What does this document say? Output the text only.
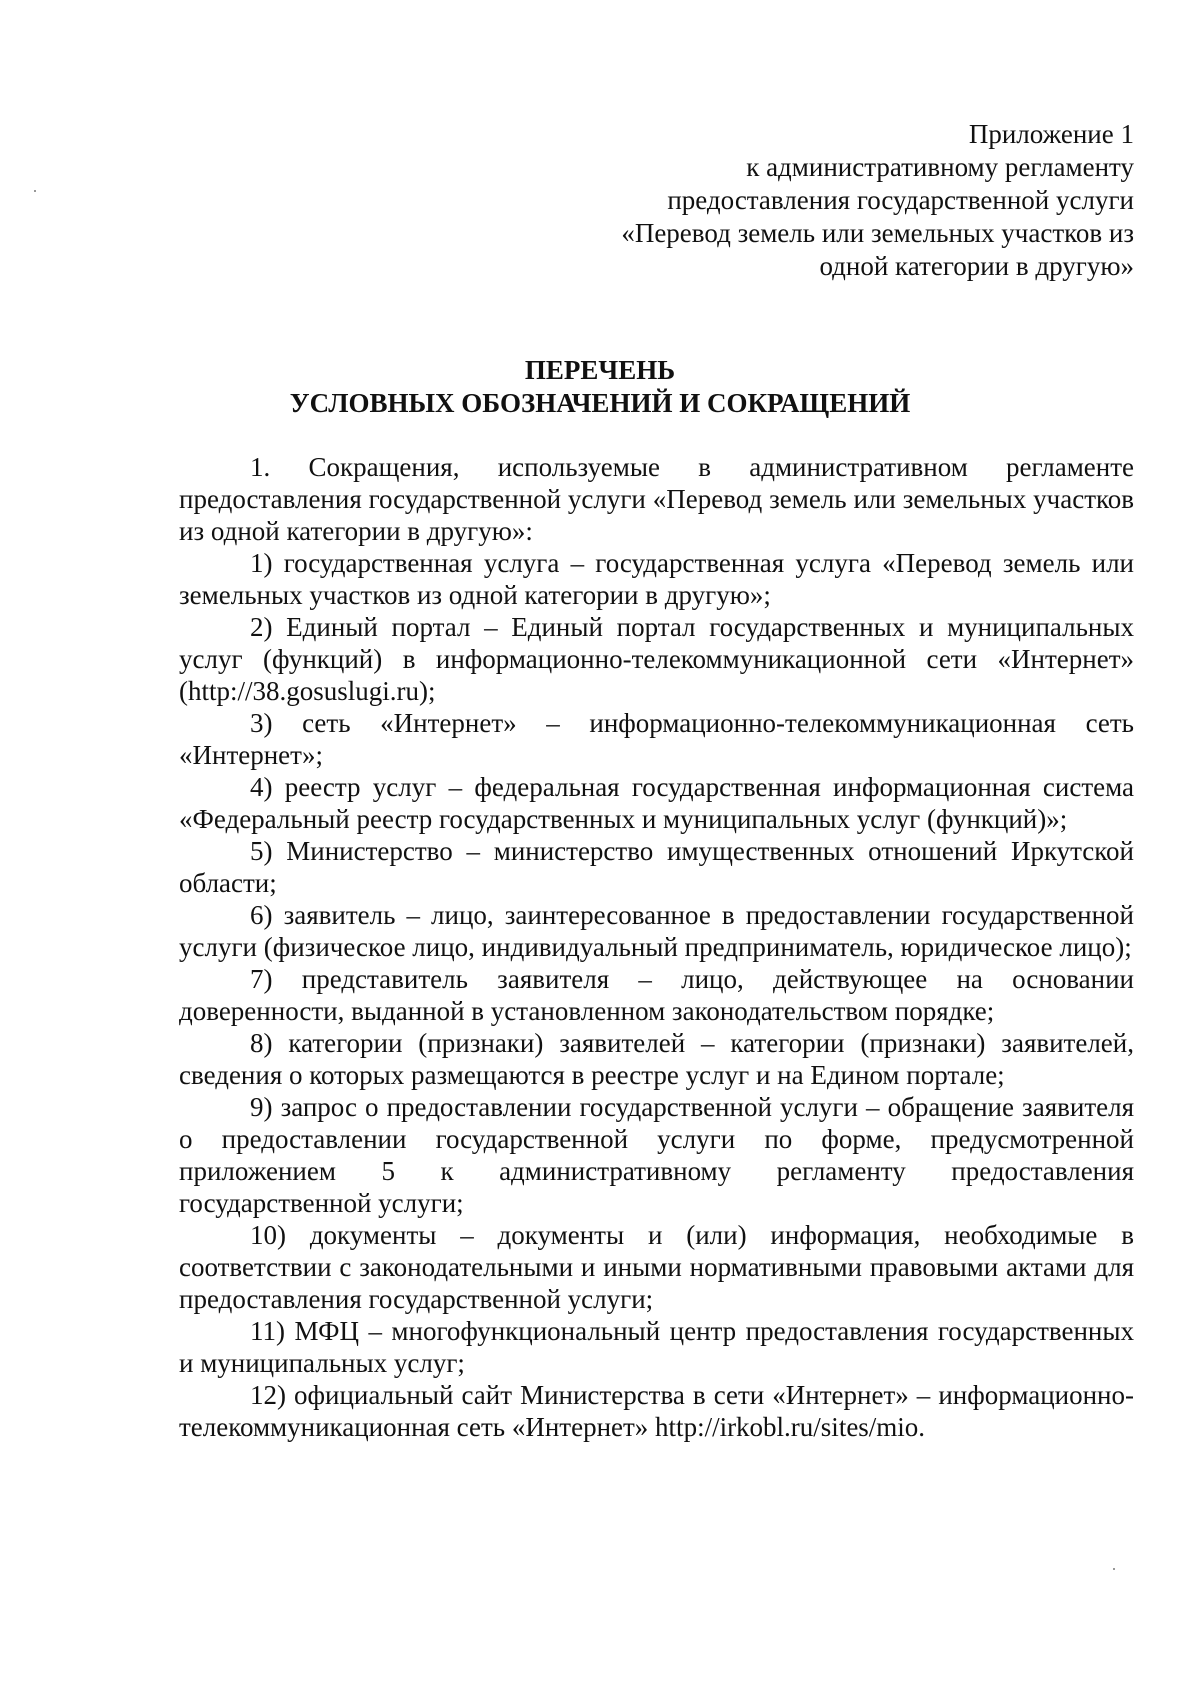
Приложение 1
к административному регламенту
предоставления государственной услуги
«Перевод земель или земельных участков из
одной категории в другую»
ПЕРЕЧЕНЬ
УСЛОВНЫХ ОБОЗНАЧЕНИЙ И СОКРАЩЕНИЙ

1. Сокращения, используемые в административном регламенте предоставления государственной услуги «Перевод земель или земельных участков из одной категории в другую»:

1) государственная услуга – государственная услуга «Перевод земель или земельных участков из одной категории в другую»;

2) Единый портал – Единый портал государственных и муниципальных услуг (функций) в информационно-телекоммуникационной сети «Интернет» (http://38.gosuslugi.ru);

3) сеть «Интернет» – информационно-телекоммуникационная сеть «Интернет»;

4) реестр услуг – федеральная государственная информационная система «Федеральный реестр государственных и муниципальных услуг (функций)»;

5) Министерство – министерство имущественных отношений Иркутской области;

6) заявитель – лицо, заинтересованное в предоставлении государственной услуги (физическое лицо, индивидуальный предприниматель, юридическое лицо);

7) представитель заявителя – лицо, действующее на основании доверенности, выданной в установленном законодательством порядке;

8) категории (признаки) заявителей – категории (признаки) заявителей, сведения о которых размещаются в реестре услуг и на Едином портале;

9) запрос о предоставлении государственной услуги – обращение заявителя о предоставлении государственной услуги по форме, предусмотренной приложением 5 к административному регламенту предоставления государственной услуги;

10) документы – документы и (или) информация, необходимые в соответствии с законодательными и иными нормативными правовыми актами для предоставления государственной услуги;

11) МФЦ – многофункциональный центр предоставления государственных и муниципальных услуг;

12) официальный сайт Министерства в сети «Интернет» – информационно-телекоммуникационная сеть «Интернет» http://irkobl.ru/sites/mio.
